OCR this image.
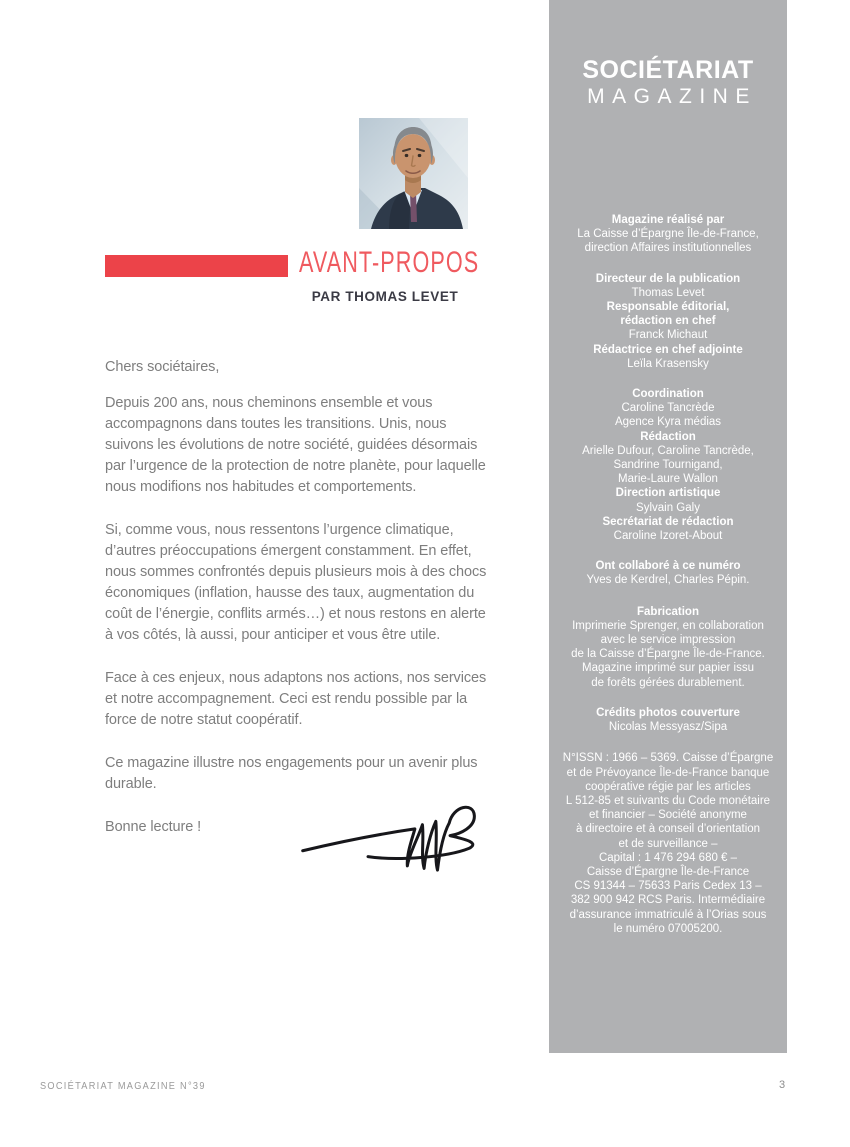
AVANT-PROPOS
PAR THOMAS LEVET

Chers sociétaires,

Depuis 200 ans, nous cheminons ensemble et vous accompagnons dans toutes les transitions. Unis, nous suivons les évolutions de notre société, guidées désormais par l’urgence de la protection de notre planète, pour laquelle nous modifions nos habitudes et comportements.

Si, comme vous, nous ressentons l’urgence climatique, d’autres préoccupations émergent constamment. En effet, nous sommes confrontés depuis plusieurs mois à des chocs économiques (inflation, hausse des taux, augmentation du coût de l’énergie, conflits armés…) et nous restons en alerte à vos côtés, là aussi, pour anticiper et vous être utile.

Face à ces enjeux, nous adaptons nos actions, nos services et notre accompagnement. Ceci est rendu possible par la force de notre statut coopératif.

Ce magazine illustre nos engagements pour un avenir plus durable.

Bonne lecture !

SOCIÉTARIAT
MAGAZINE
Magazine réalisé par
La Caisse d’Épargne Île-de-France,
direction Affaires institutionnelles
Directeur de la publication
Thomas Levet
Responsable éditorial,
rédaction en chef
Franck Michaut
Rédactrice en chef adjointe
Leïla Krasensky
Coordination
Caroline Tancrède
Agence Kyra médias
Rédaction
Arielle Dufour, Caroline Tancrède,
Sandrine Tournigand,
Marie-Laure Wallon
Direction artistique
Sylvain Galy
Secrétariat de rédaction
Caroline Izoret-About
Ont collaboré à ce numéro
Yves de Kerdrel, Charles Pépin.
Fabrication
Imprimerie Sprenger, en collaboration
avec le service impression
de la Caisse d’Épargne Île-de-France.
Magazine imprimé sur papier issu
de forêts gérées durablement.
Crédits photos couverture
Nicolas Messyasz/Sipa
N°ISSN : 1966 – 5369. Caisse d’Épargne
et de Prévoyance Île-de-France banque
coopérative régie par les articles
L 512-85 et suivants du Code monétaire
et financier – Société anonyme
à directoire et à conseil d’orientation
et de surveillance –
Capital : 1 476 294 680 € –
Caisse d’Épargne Île-de-France
CS 91344 – 75633 Paris Cedex 13 –
382 900 942 RCS Paris. Intermédiaire
d’assurance immatriculé à l’Orias sous
le numéro 07005200.
SOCIÉTARIAT MAGAZINE N°39	3
